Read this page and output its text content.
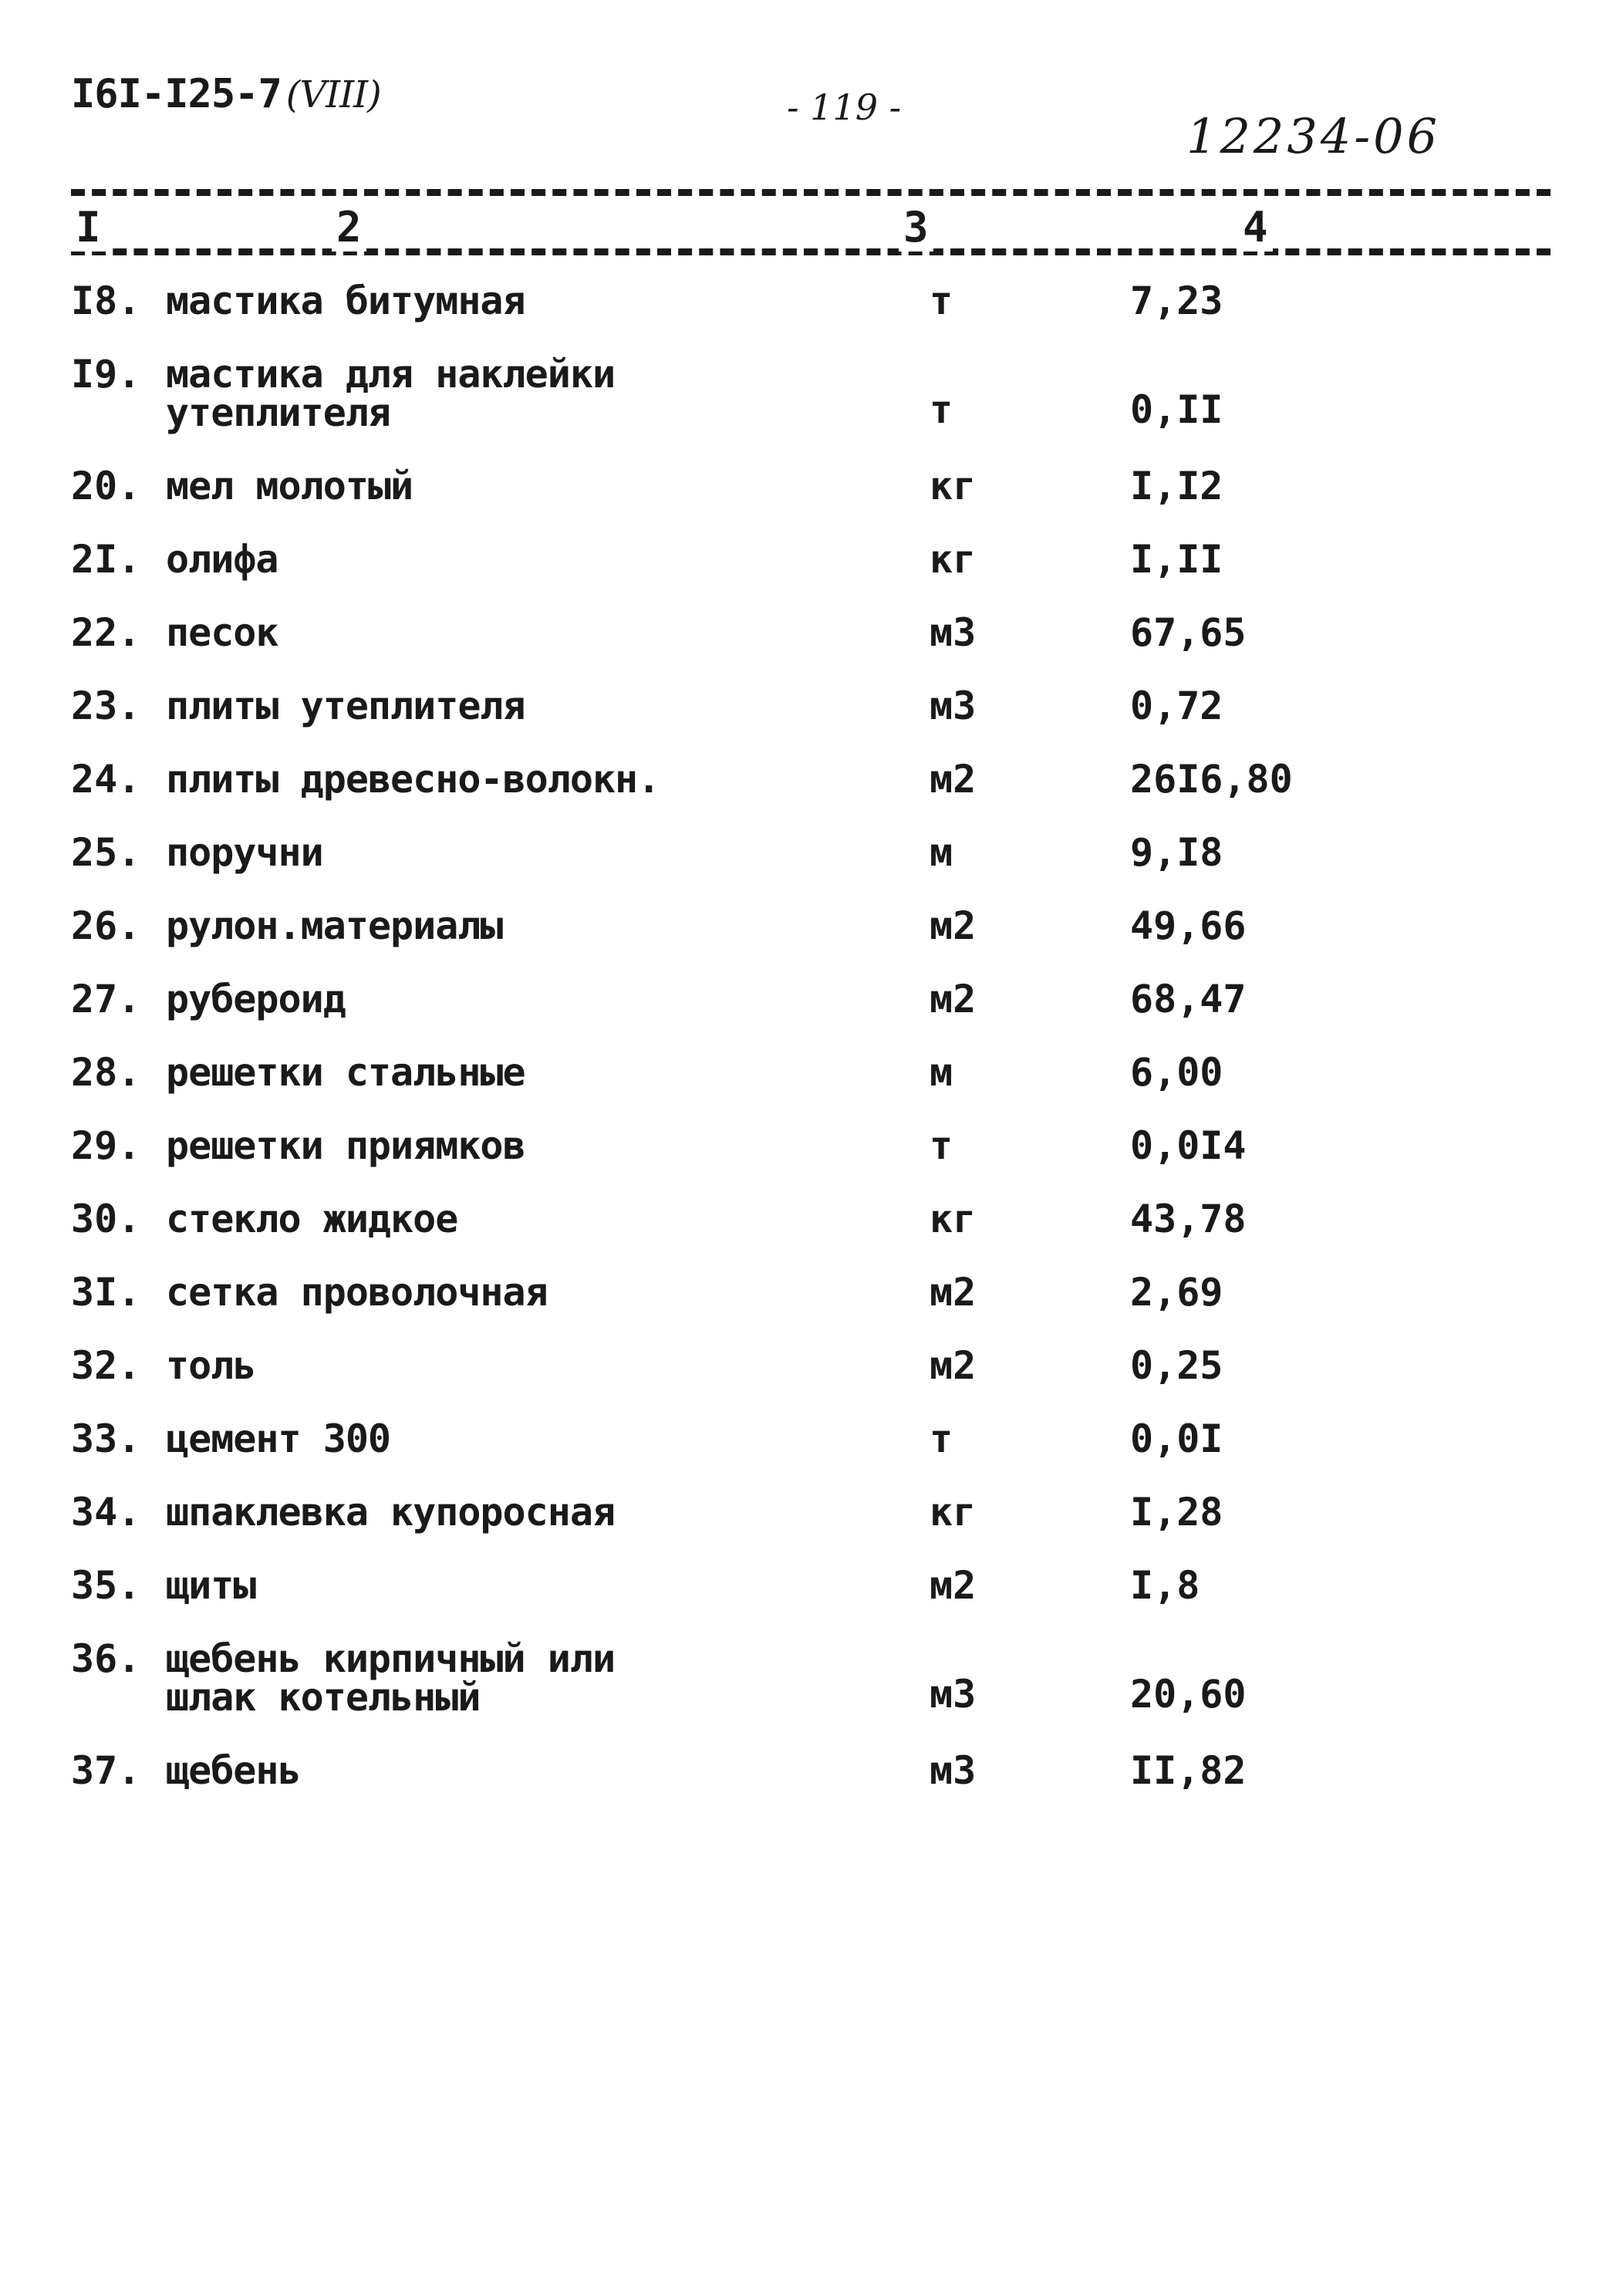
I6I-I25-7 (VIII)	- 119 -
12234-06
I	2	3	4
I8. мастика битумная	т	7,23
I9. мастика для наклейки
утеплителя	т	0,II
20. мел молотый	кг	I,I2
2I. олифа	кг	I,II
22. песок	м3	67,65
23. плиты утеплителя	м3	0,72
24. плиты древесно-волокн.	м2	26I6,80
25. поручни	м	9,I8
26. рулон.материалы	м2	49,66
27. рубероид	м2	68,47
28. решетки стальные	м	6,00
29. решетки приямков	т	0,0I4
30. стекло жидкое	кг	43,78
3I. сетка проволочная	м2	2,69
32. толь	м2	0,25
33. цемент 300	т	0,0I
34. шпаклевка купоросная	кг	I,28
35. щиты	м2	I,8
36. щебень кирпичный или
шлак котельный	м3	20,60
37. щебень	м3	II,82
